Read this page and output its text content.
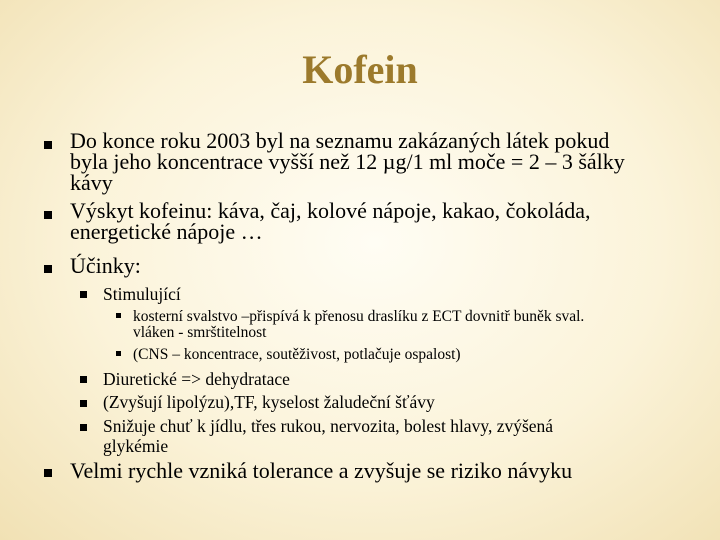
Kofein
Do konce roku 2003 byl na seznamu zakázaných látek pokud
byla jeho koncentrace vyšší než 12 µg/1 ml moče = 2 – 3 šálky
kávy
Výskyt kofeinu: káva, čaj, kolové nápoje, kakao, čokoláda,
energetické nápoje …
Účinky:
Stimulující
kosterní svalstvo –přispívá k přenosu draslíku z ECT dovnitř buněk sval.
vláken - smrštitelnost
(CNS – koncentrace, soutěživost, potlačuje ospalost)
Diuretické => dehydratace
(Zvyšují lipolýzu),TF, kyselost žaludeční šťávy
Snižuje chuť k jídlu, třes rukou, nervozita, bolest hlavy, zvýšená
glykémie
Velmi rychle vzniká tolerance a zvyšuje se riziko návyku
